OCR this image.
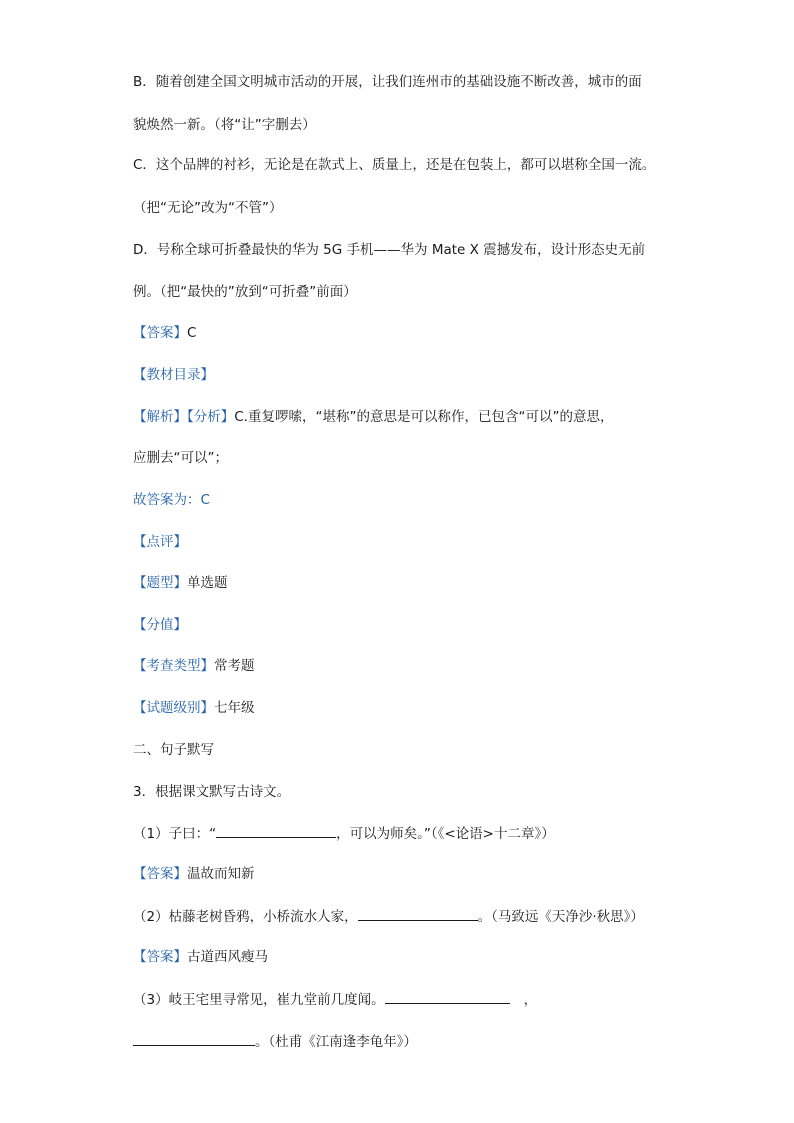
B．随着创建全国文明城市活动的开展，让我们连州市的基础设施不断改善，城市的面
貌焕然一新。（将“让”字删去）
C．这个品牌的衬衫，无论是在款式上、质量上，还是在包装上，都可以堪称全国一流。
（把“无论”改为“不管”）
D．号称全球可折叠最快的华为 5G 手机——华为 Mate X 震撼发布，设计形态史无前
例。（把“最快的”放到“可折叠”前面）
【答案】C
【教材目录】
【解析】【分析】C.重复啰嗦，“堪称”的意思是可以称作，已包含“可以”的意思，
应删去“可以”；
故答案为：C
【点评】
【题型】单选题
【分值】
【考查类型】常考题
【试题级别】七年级
二、句子默写
3．根据课文默写古诗文。
（1）子曰：“	，可以为师矣。”（《<论语>十二章》）
【答案】温故而知新
（2）枯藤老树昏鸦，小桥流水人家，	。（马致远《天净沙·秋思》）
【答案】古道西风瘦马
（3）岐王宅里寻常见，崔九堂前几度闻。	，
。（杜甫《江南逢李龟年》）
